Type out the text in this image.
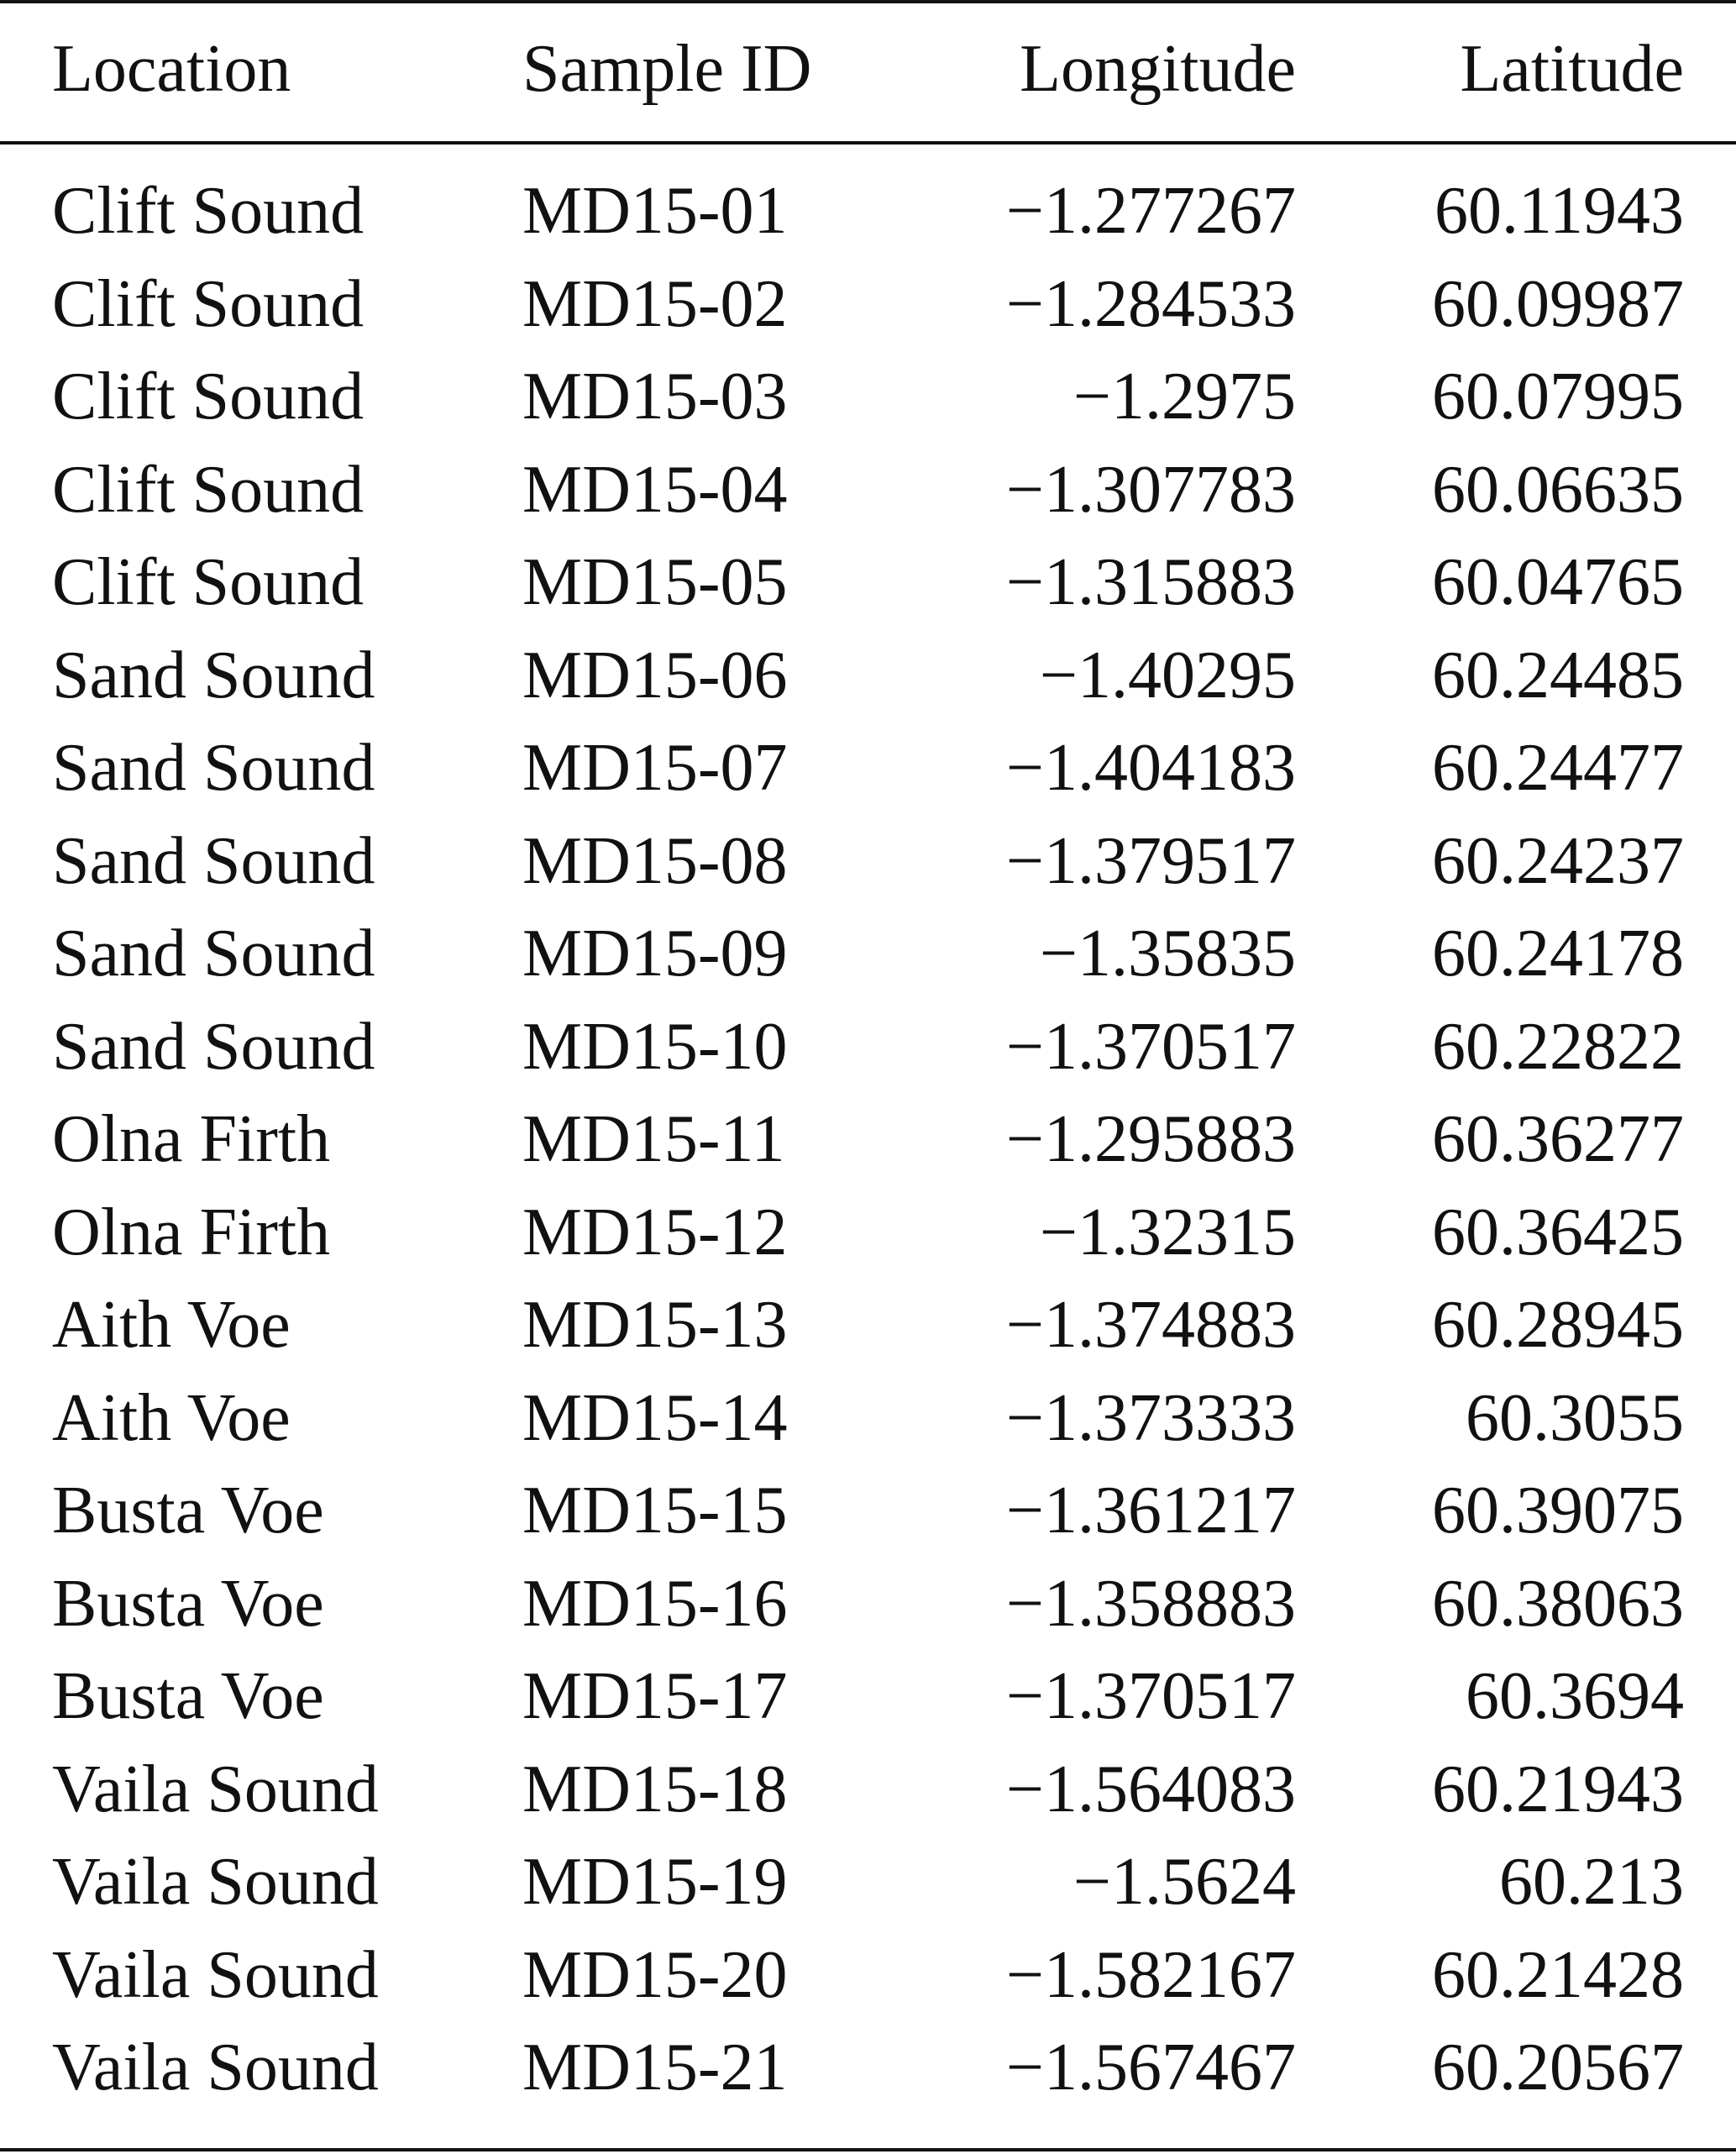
Location	Sample ID	Longitude Latitude
Clift Sound MD15-01	−1.277267 60.11943
Clift Sound MD15-02	−1.284533 60.09987
Clift Sound MD15-03	−1.2975 60.07995
Clift Sound MD15-04	−1.307783 60.06635
Clift Sound MD15-05	−1.315883 60.04765
Sand Sound MD15-06	−1.40295 60.24485
Sand Sound MD15-07	−1.404183 60.24477
Sand Sound MD15-08	−1.379517 60.24237
Sand Sound MD15-09	−1.35835 60.24178
Sand Sound MD15-10	−1.370517 60.22822
Olna Firth	MD15-11	−1.295883 60.36277
Olna Firth	MD15-12	−1.32315 60.36425
Aith Voe	MD15-13	−1.374883 60.28945
Aith Voe	MD15-14	−1.373333	60.3055
Busta Voe	MD15-15	−1.361217 60.39075
Busta Voe	MD15-16	−1.358883 60.38063
Busta Voe	MD15-17	−1.370517	60.3694
Vaila Sound MD15-18	−1.564083 60.21943
Vaila Sound MD15-19	−1.5624	60.213
Vaila Sound MD15-20	−1.582167 60.21428
Vaila Sound MD15-21	−1.567467 60.20567
